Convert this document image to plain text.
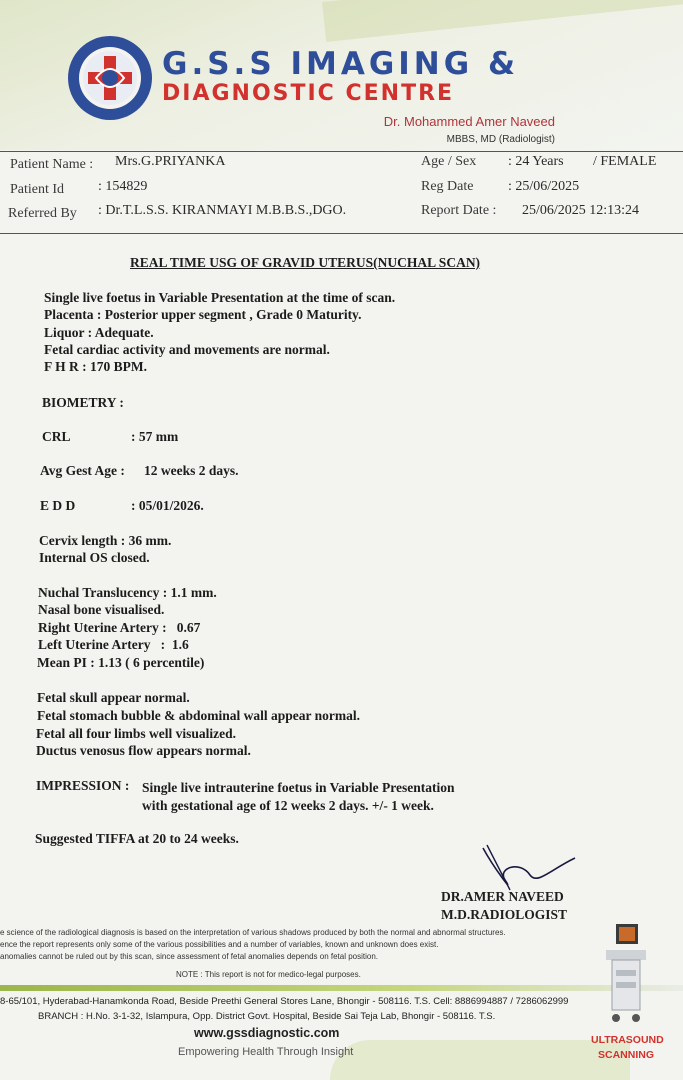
G.S.S IMAGING &
DIAGNOSTIC CENTRE
Dr. Mohammed Amer Naveed
MBBS, MD (Radiologist)
Patient Name : Mrs.G.PRIYANKA
Patient Id : 154829
Referred By : Dr.T.L.S.S. KIRANMAYI M.B.B.S.,DGO.
Age / Sex : 24 Years / FEMALE
Reg Date : 25/06/2025
Report Date : 25/06/2025 12:13:24
REAL TIME USG OF GRAVID UTERUS(NUCHAL SCAN)
Single live foetus in Variable Presentation at the time of scan.
Placenta : Posterior upper segment , Grade 0 Maturity.
Liquor : Adequate.
Fetal cardiac activity and movements are normal.
F H R : 170 BPM.
BIOMETRY :
CRL	: 57 mm
Avg Gest Age : 12 weeks 2 days.
E D D	: 05/01/2026.
Cervix length : 36 mm.
Internal OS closed.
Nuchal Translucency : 1.1 mm.
Nasal bone visualised.
Right Uterine Artery :   0.67
Left Uterine Artery   :  1.6
Mean PI : 1.13 ( 6 percentile)
Fetal skull appear normal.
Fetal stomach bubble & abdominal wall appear normal.
Fetal all four limbs well visualized.
Ductus venosus flow appears normal.
IMPRESSION : Single live intrauterine foetus in Variable Presentation
with gestational age of 12 weeks 2 days. +/- 1 week.
Suggested TIFFA at 20 to 24 weeks.
DR.AMER NAVEED
M.D.RADIOLOGIST
e science of the radiological diagnosis is based on the interpretation of various shadows produced by both the normal and abnormal structures.
ence the report represents only some of the various possibilities and a number of variables, known and unknown does exist.
anomalies cannot be ruled out by this scan, since assessment of fetal anomalies depends on fetal position.
NOTE : This report is not for medico-legal purposes.
8-65/101, Hyderabad-Hanamkonda Road, Beside Preethi General Stores Lane, Bhongir - 508116. T.S. Cell: 8886994887 / 7286062999
BRANCH : H.No. 3-1-32, Islampura, Opp. District Govt. Hospital, Beside Sai Teja Lab, Bhongir - 508116. T.S.
www.gssdiagnostic.com
Empowering Health Through Insight
ULTRASOUND
SCANNING
